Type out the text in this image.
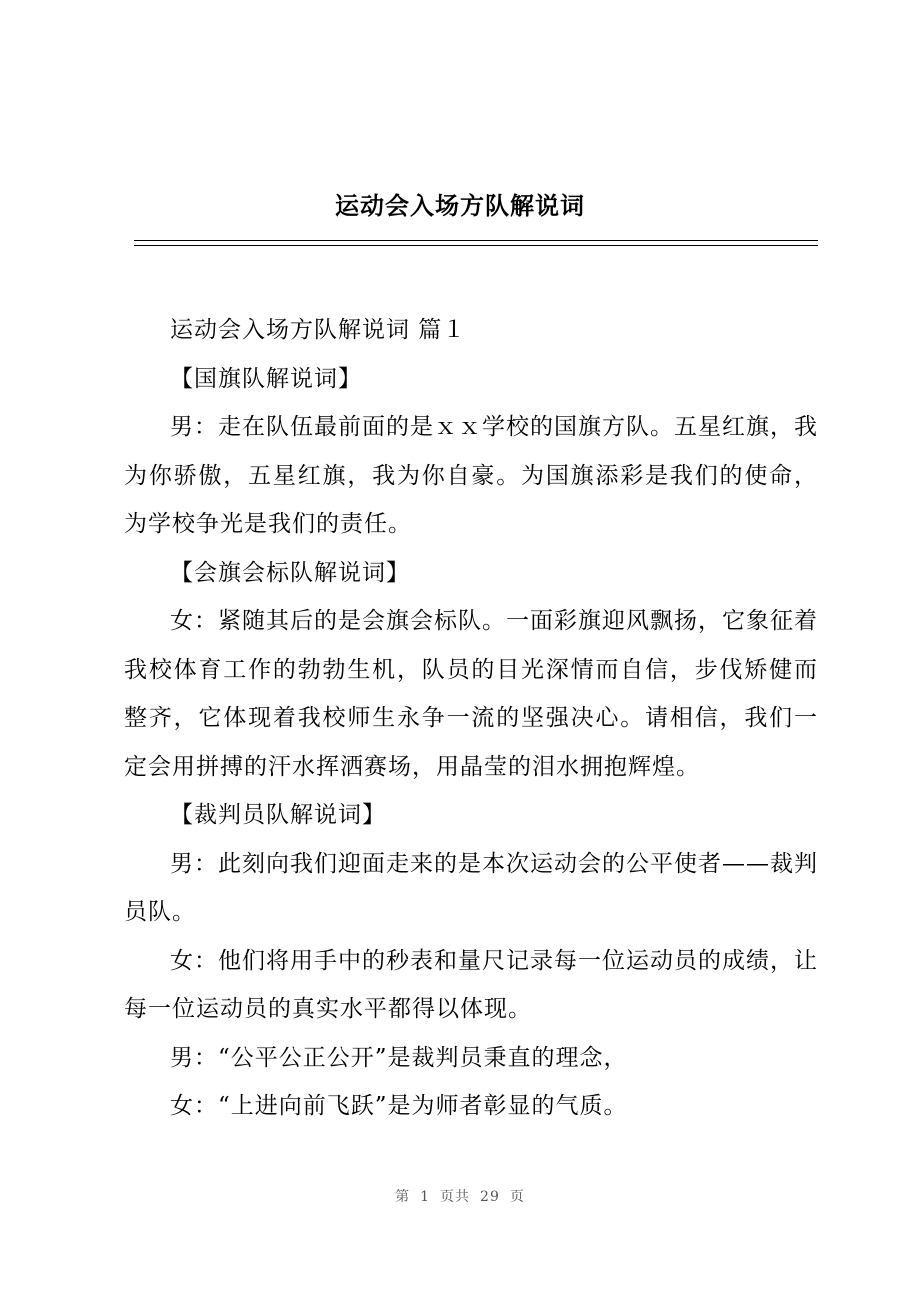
运动会入场方队解说词

运动会入场方队解说词 篇１

【国旗队解说词】

男：走在队伍最前面的是ｘｘ学校的国旗方队。五星红旗，我为你骄傲，五星红旗，我为你自豪。为国旗添彩是我们的使命，为学校争光是我们的责任。

【会旗会标队解说词】

女：紧随其后的是会旗会标队。一面彩旗迎风飘扬，它象征着我校体育工作的勃勃生机，队员的目光深情而自信，步伐矫健而整齐，它体现着我校师生永争一流的坚强决心。请相信，我们一定会用拼搏的汗水挥洒赛场，用晶莹的泪水拥抱辉煌。

【裁判员队解说词】

男：此刻向我们迎面走来的是本次运动会的公平使者——裁判员队。

女：他们将用手中的秒表和量尺记录每一位运动员的成绩，让每一位运动员的真实水平都得以体现。

男：“公平公正公开”是裁判员秉直的理念，

女：“上进向前飞跃”是为师者彰显的气质。

第 1 页共 29 页
